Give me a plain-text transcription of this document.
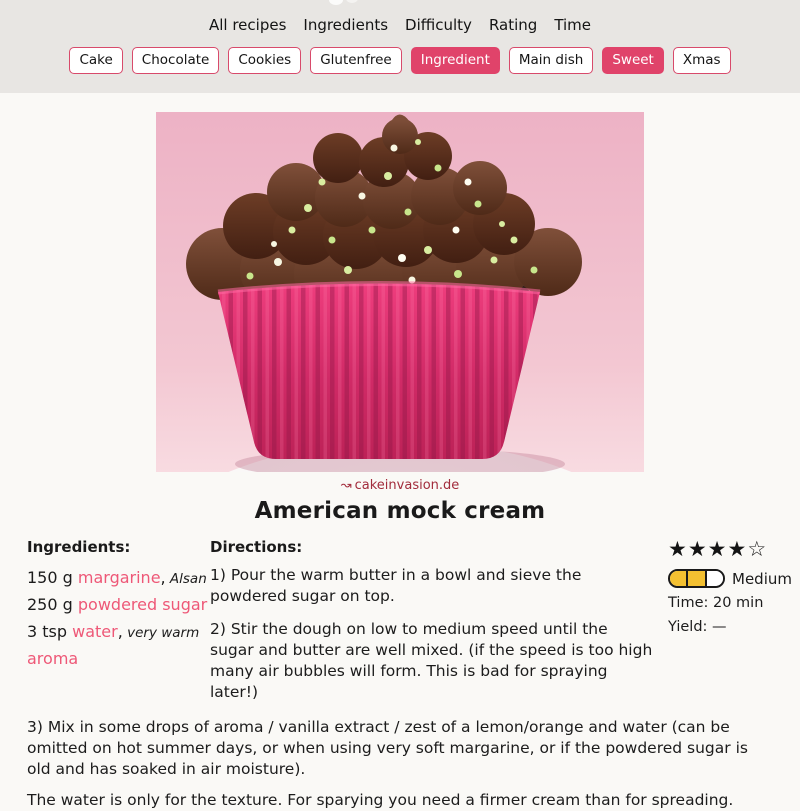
All recipes Ingredients Difficulty Rating Time
Cake	Chocolate	Cookies	Glutenfree	Ingredient	Main dish	Sweet	Xmas
↝ cakeinvasion.de
American mock cream
Ingredients:
150 g margarine, Alsan
250 g powdered sugar
3 tsp water, very warm
aroma
Directions:

1) Pour the warm butter in a bowl and sieve the powdered sugar on top.

2) Stir the dough on low to medium speed until the sugar and butter are well mixed. (if the speed is too high many air bubbles will form. This is bad for spraying later!)

★★★★☆
Medium
Time: 20 min
Yield: —

3) Mix in some drops of aroma / vanilla extract / zest of a lemon/orange and water (can be omitted on hot summer days, or when using very soft margarine, or if the powdered sugar is old and has soaked in air moisture).

The water is only for the texture. For sparying you need a firmer cream than for spreading.
